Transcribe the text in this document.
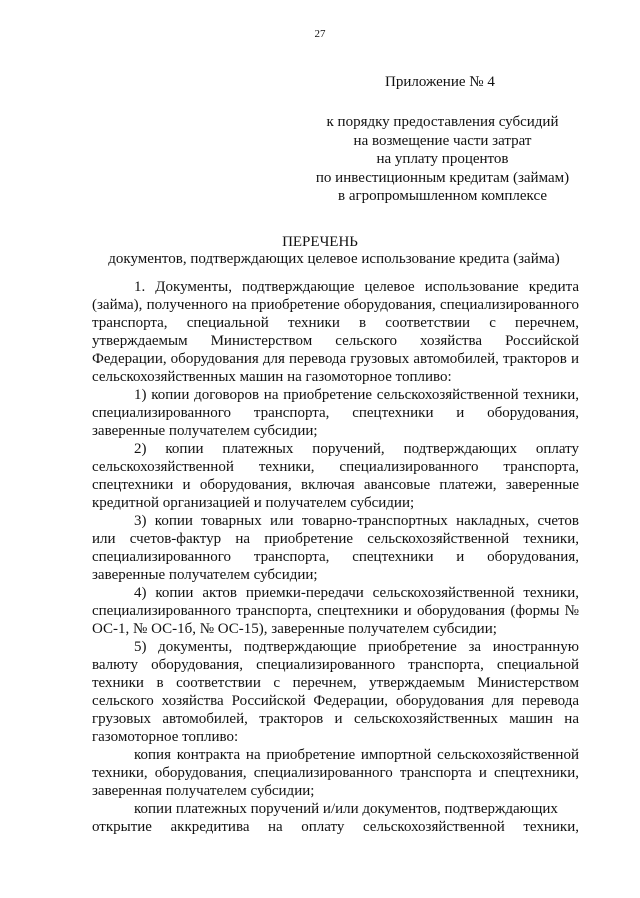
27
Приложение № 4
к порядку предоставления субсидий
на возмещение части затрат
на уплату процентов
по инвестиционным кредитам (займам)
в агропромышленном комплексе
ПЕРЕЧЕНЬ
документов, подтверждающих целевое использование кредита (займа)

1. Документы, подтверждающие целевое использование кредита (займа), полученного на приобретение оборудования, специализированного транспорта, специальной техники в соответствии с перечнем, утверждаемым Министерством сельского хозяйства Российской Федерации, оборудования для перевода грузовых автомобилей, тракторов и сельскохозяйственных машин на газомоторное топливо:

1) копии договоров на приобретение сельскохозяйственной техники, специализированного транспорта, спецтехники и оборудования, заверенные получателем субсидии;

2) копии платежных поручений, подтверждающих оплату сельскохозяйственной техники, специализированного транспорта, спецтехники и оборудования, включая авансовые платежи, заверенные кредитной организацией и получателем субсидии;

3) копии товарных или товарно-транспортных накладных, счетов или счетов-фактур на приобретение сельскохозяйственной техники, специализированного транспорта, спецтехники и оборудования, заверенные получателем субсидии;

4) копии актов приемки-передачи сельскохозяйственной техники, специализированного транспорта, спецтехники и оборудования (формы № ОС-1, № ОС-1б, № ОС-15), заверенные получателем субсидии;

5) документы, подтверждающие приобретение за иностранную валюту оборудования, специализированного транспорта, специальной техники в соответствии с перечнем, утверждаемым Министерством сельского хозяйства Российской Федерации, оборудования для перевода грузовых автомобилей, тракторов и сельскохозяйственных машин на газомоторное топливо:

копия контракта на приобретение импортной сельскохозяйственной техники, оборудования, специализированного транспорта и спецтехники, заверенная получателем субсидии;

копии платежных поручений и/или документов, подтверждающих

открытие аккредитива на оплату сельскохозяйственной техники,
